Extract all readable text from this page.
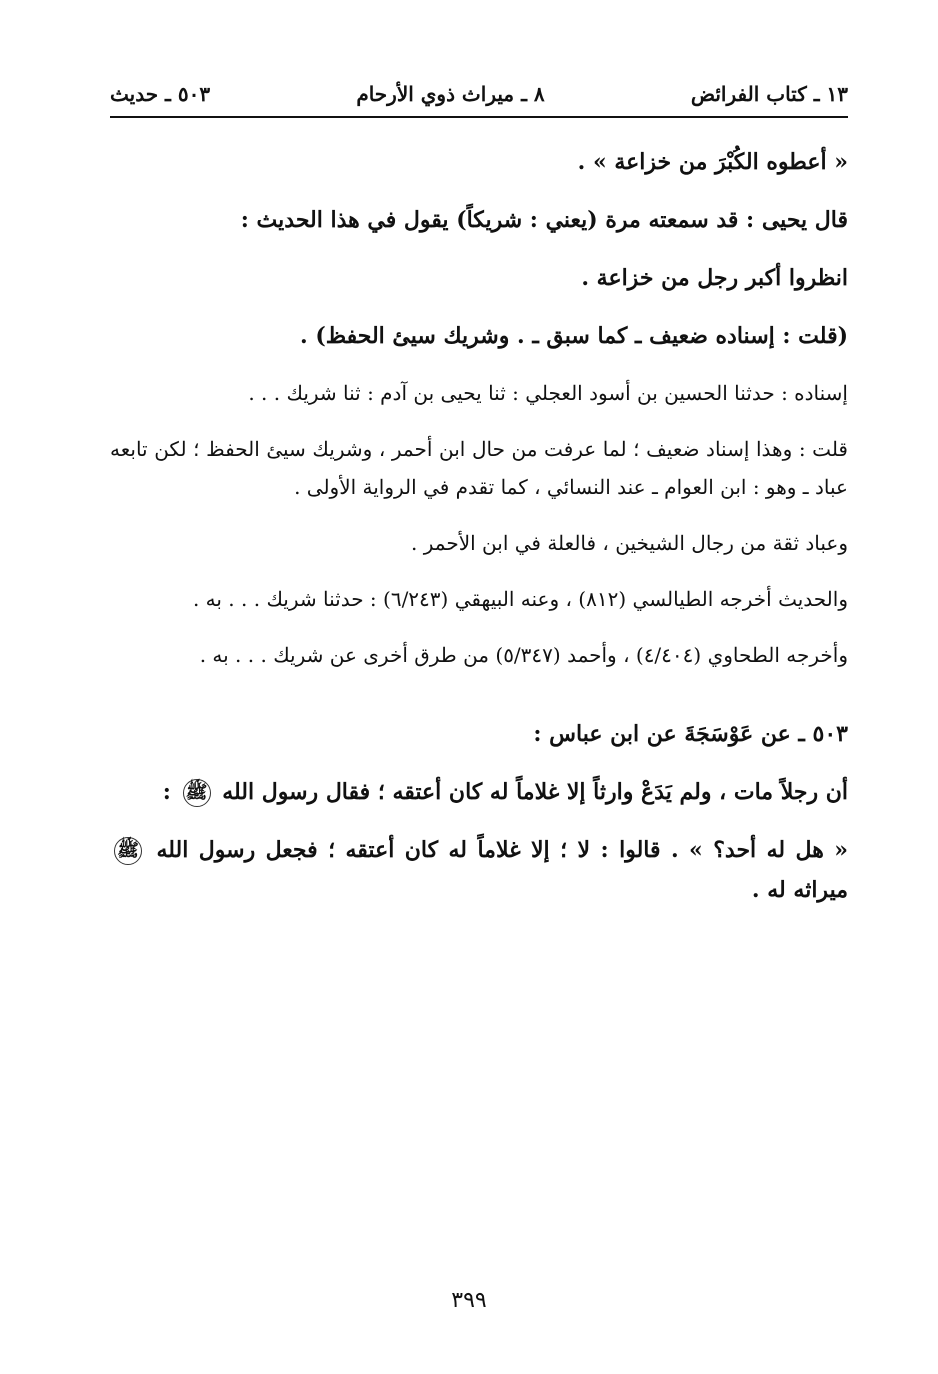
١٣ ـ كتاب الفرائض
٨ ـ ميراث ذوي الأرحام
٥٠٣ ـ حديث

« أعطوه الكُبْرَ من خزاعة » .

قال يحيى : قد سمعته مرة (يعني : شريكاً) يقول في هذا الحديث :

انظروا أكبر رجل من خزاعة .

(قلت : إسناده ضعيف ـ كما سبق ـ . وشريك سيئ الحفظ) .

إسناده : حدثنا الحسين بن أسود العجلي : ثنا يحيى بن آدم : ثنا شريك . . .

قلت : وهذا إسناد ضعيف ؛ لما عرفت من حال ابن أحمر ، وشريك سيئ الحفظ ؛ لكن تابعه عباد ـ وهو : ابن العوام ـ عند النسائي ، كما تقدم في الرواية الأولى .

وعباد ثقة من رجال الشيخين ، فالعلة في ابن الأحمر .

والحديث أخرجه الطيالسي (٨١٢) ، وعنه البيهقي (٦/٢٤٣) : حدثنا شريك . . . به .

وأخرجه الطحاوي (٤/٤٠٤) ، وأحمد (٥/٣٤٧) من طرق أخرى عن شريك . . . به .

٥٠٣ ـ عن عَوْسَجَةَ عن ابن عباس :

أن رجلاً مات ، ولم يَدَعْ وارثاً إلا غلاماً له كان أعتقه ؛ فقال رسول الله ﷺ :

« هل له أحد؟ » . قالوا : لا ؛ إلا غلاماً له كان أعتقه ؛ فجعل رسول الله ﷺ ميراثه له .

٣٩٩
